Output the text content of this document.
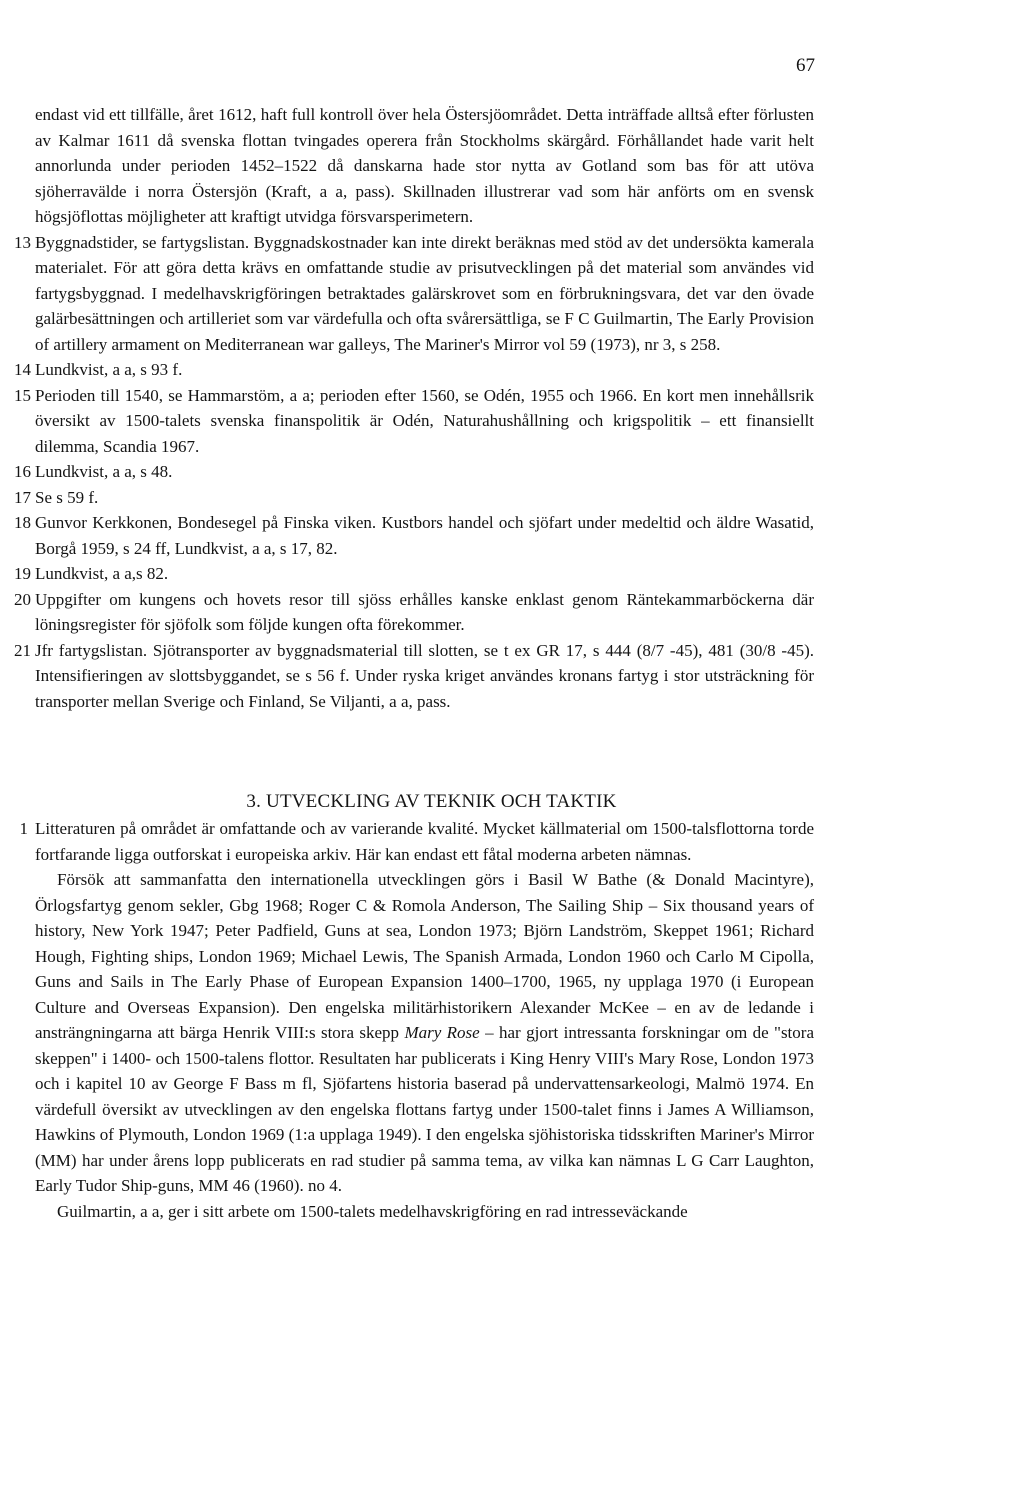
67
endast vid ett tillfälle, året 1612, haft full kontroll över hela Östersjöområdet. Detta inträffade alltså efter förlusten av Kalmar 1611 då svenska flottan tvingades operera från Stockholms skärgård. Förhållandet hade varit helt annorlunda under perioden 1452–1522 då danskarna hade stor nytta av Gotland som bas för att utöva sjöherravälde i norra Östersjön (Kraft, a a, pass). Skillnaden illustrerar vad som här anförts om en svensk högsjöflottas möjligheter att kraftigt utvidga försvarsperimetern.
13 Byggnadstider, se fartygslistan. Byggnadskostnader kan inte direkt beräknas med stöd av det undersökta kamerala materialet. För att göra detta krävs en omfattande studie av prisutvecklingen på det material som användes vid fartygsbyggnad. I medelhavskrigföringen betraktades galärskrovet som en förbrukningsvara, det var den övade galärbesättningen och artilleriet som var värdefulla och ofta svårersättliga, se F C Guilmartin, The Early Provision of artillery armament on Mediterranean war galleys, The Mariner's Mirror vol 59 (1973), nr 3, s 258.
14 Lundkvist, a a, s 93 f.
15 Perioden till 1540, se Hammarstöm, a a; perioden efter 1560, se Odén, 1955 och 1966. En kort men innehållsrik översikt av 1500-talets svenska finanspolitik är Odén, Naturahushållning och krigspolitik – ett finansiellt dilemma, Scandia 1967.
16 Lundkvist, a a, s 48.
17 Se s 59 f.
18 Gunvor Kerkkonen, Bondesegel på Finska viken. Kustbors handel och sjöfart under medeltid och äldre Wasatid, Borgå 1959, s 24 ff, Lundkvist, a a, s 17, 82.
19 Lundkvist, a a,s 82.
20 Uppgifter om kungens och hovets resor till sjöss erhålles kanske enklast genom Räntekammarböckerna där löningsregister för sjöfolk som följde kungen ofta förekommer.
21 Jfr fartygslistan. Sjötransporter av byggnadsmaterial till slotten, se t ex GR 17, s 444 (8/7 -45), 481 (30/8 -45). Intensifieringen av slottsbyggandet, se s 56 f. Under ryska kriget användes kronans fartyg i stor utsträckning för transporter mellan Sverige och Finland, Se Viljanti, a a, pass.
3. UTVECKLING AV TEKNIK OCH TAKTIK
1 Litteraturen på området är omfattande och av varierande kvalité. Mycket källmaterial om 1500-talsflottorna torde fortfarande ligga outforskat i europeiska arkiv. Här kan endast ett fåtal moderna arbeten nämnas.
Försök att sammanfatta den internationella utvecklingen görs i Basil W Bathe (& Donald Macintyre), Örlogsfartyg genom sekler, Gbg 1968; Roger C & Romola Anderson, The Sailing Ship – Six thousand years of history, New York 1947; Peter Padfield, Guns at sea, London 1973; Björn Landström, Skeppet 1961; Richard Hough, Fighting ships, London 1969; Michael Lewis, The Spanish Armada, London 1960 och Carlo M Cipolla, Guns and Sails in The Early Phase of European Expansion 1400–1700, 1965, ny upplaga 1970 (i European Culture and Overseas Expansion). Den engelska militärhistorikern Alexander McKee – en av de ledande i ansträngningarna att bärga Henrik VIII:s stora skepp Mary Rose – har gjort intressanta forskningar om de "stora skeppen" i 1400- och 1500-talens flottor. Resultaten har publicerats i King Henry VIII's Mary Rose, London 1973 och i kapitel 10 av George F Bass m fl, Sjöfartens historia baserad på undervattensarkeologi, Malmö 1974. En värdefull översikt av utvecklingen av den engelska flottans fartyg under 1500-talet finns i James A Williamson, Hawkins of Plymouth, London 1969 (1:a upplaga 1949). I den engelska sjöhistoriska tidsskriften Mariner's Mirror (MM) har under årens lopp publicerats en rad studier på samma tema, av vilka kan nämnas L G Carr Laughton, Early Tudor Ship-guns, MM 46 (1960). no 4.
Guilmartin, a a, ger i sitt arbete om 1500-talets medelhavskrigföring en rad intresseväckande
